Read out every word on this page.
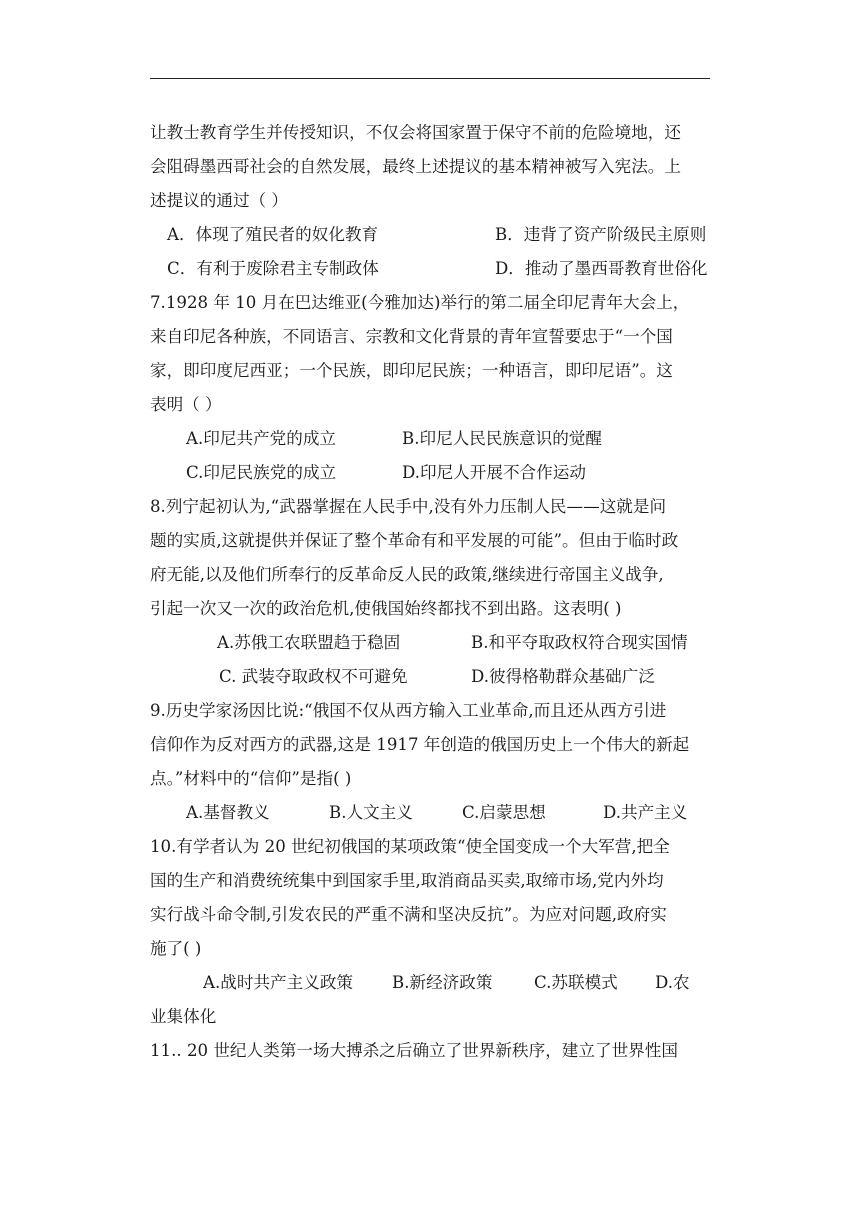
让教士教育学生并传授知识，不仅会将国家置于保守不前的危险境地，还
会阻碍墨西哥社会的自然发展，最终上述提议的基本精神被写入宪法。上
述提议的通过（ ）
A．体现了殖民者的奴化教育	B．违背了资产阶级民主原则
C．有利于废除君主专制政体	D．推动了墨西哥教育世俗化
7.1928 年 10 月在巴达维亚(今雅加达)举行的第二届全印尼青年大会上，
来自印尼各种族，不同语言、宗教和文化背景的青年宣誓要忠于“一个国
家，即印度尼西亚；一个民族，即印尼民族；一种语言，即印尼语”。这
表明（ ）
A.印尼共产党的成立	B.印尼人民民族意识的觉醒
C.印尼民族党的成立	D.印尼人开展不合作运动
8.列宁起初认为,“武器掌握在人民手中,没有外力压制人民——这就是问
题的实质,这就提供并保证了整个革命有和平发展的可能”。但由于临时政
府无能,以及他们所奉行的反革命反人民的政策,继续进行帝国主义战争,
引起一次又一次的政治危机,使俄国始终都找不到出路。这表明( )
A.苏俄工农联盟趋于稳固	B.和平夺取政权符合现实国情
C. 武装夺取政权不可避免	D.彼得格勒群众基础广泛
9.历史学家汤因比说:“俄国不仅从西方输入工业革命,而且还从西方引进
信仰作为反对西方的武器,这是 1917 年创造的俄国历史上一个伟大的新起
点。”材料中的“信仰”是指( )
A.基督教义	B.人文主义	C.启蒙思想	D.共产主义
10.有学者认为 20 世纪初俄国的某项政策“使全国变成一个大军营,把全
国的生产和消费统统集中到国家手里,取消商品买卖,取缔市场,党内外均
实行战斗命令制,引发农民的严重不满和坚决反抗”。为应对问题,政府实
施了( )
A.战时共产主义政策 B.新经济政策	C.苏联模式 D.农
业集体化
11.. 20 世纪人类第一场大搏杀之后确立了世界新秩序，建立了世界性国
